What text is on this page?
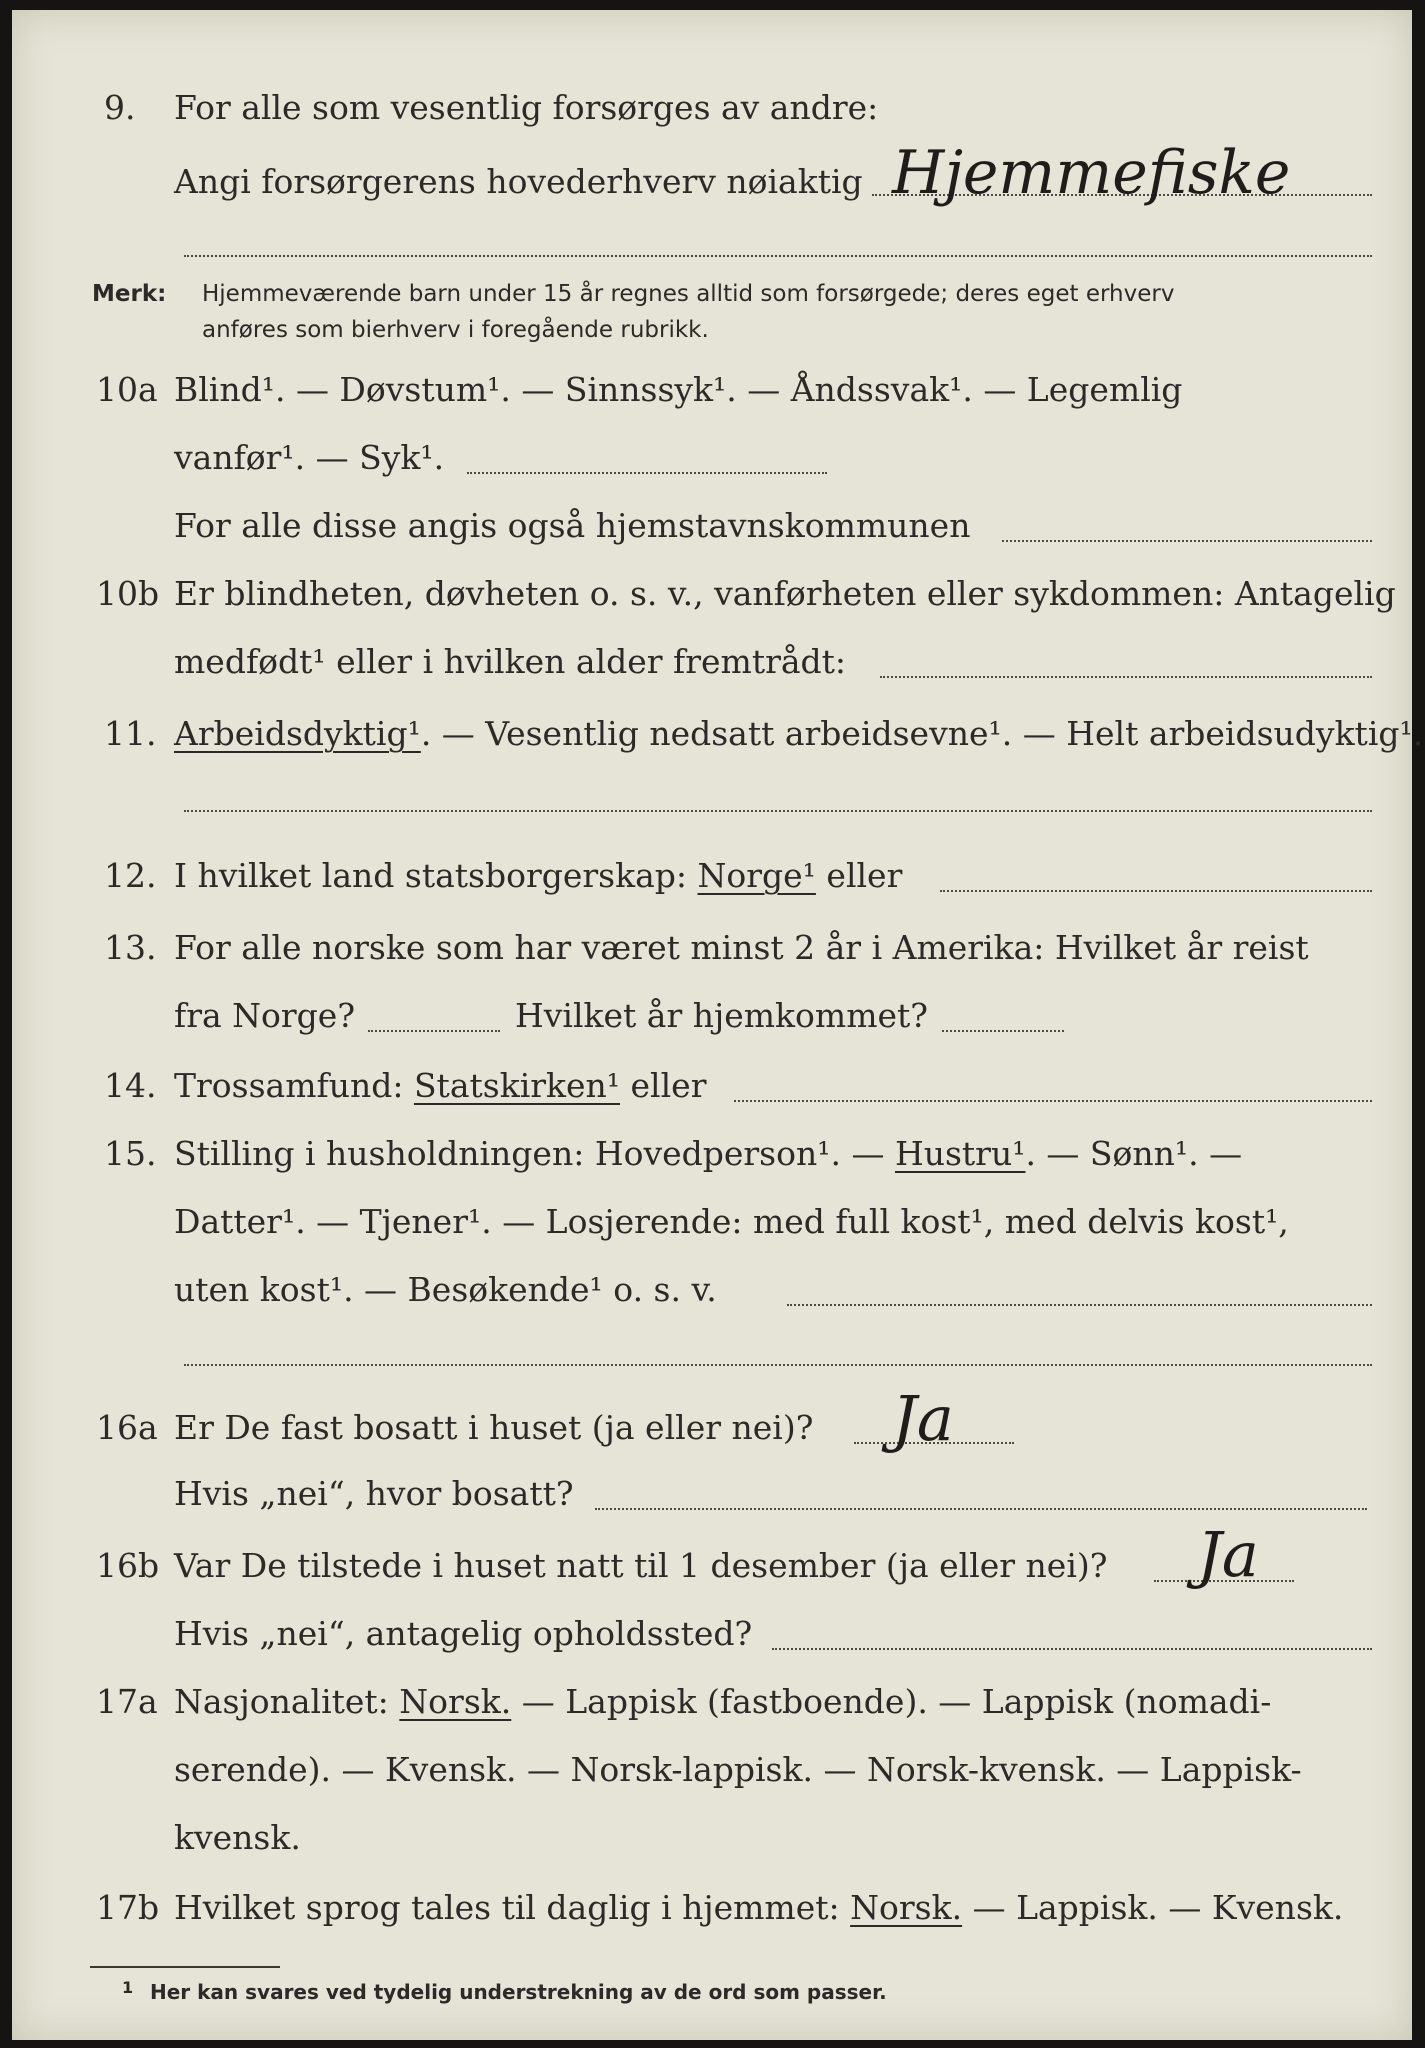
9. For alle som vesentlig forsørges av andre:
Angi forsørgerens hovederhverv nøiaktig Hjemmefiske
Merk: Hjemmeværende barn under 15 år regnes alltid som forsørgede; deres eget erhverv
anføres som bierhverv i foregående rubrikk.
10a Blind¹. — Døvstum¹. — Sinnssyk¹. — Åndssvak¹. — Legemlig
vanfør¹. — Syk¹.
For alle disse angis også hjemstavnskommunen
10b Er blindheten, døvheten o. s. v., vanførheten eller sykdommen: Antagelig
medfødt¹ eller i hvilken alder fremtrådt:
11. Arbeidsdyktig¹. — Vesentlig nedsatt arbeidsevne¹. — Helt arbeidsudyktig¹.
12. I hvilket land statsborgerskap: Norge¹ eller
13. For alle norske som har været minst 2 år i Amerika: Hvilket år reist
fra Norge?	Hvilket år hjemkommet?
14. Trossamfund: Statskirken¹ eller
15. Stilling i husholdningen: Hovedperson¹. — Hustru¹. — Sønn¹. —
Datter¹. — Tjener¹. — Losjerende: med full kost¹, med delvis kost¹,
uten kost¹. — Besøkende¹ o. s. v.
16a Er De fast bosatt i huset (ja eller nei)? Ja
Hvis „nei“, hvor bosatt?
16b Var De tilstede i huset natt til 1 desember (ja eller nei)? Ja
Hvis „nei“, antagelig opholdssted?
17a Nasjonalitet: Norsk. — Lappisk (fastboende). — Lappisk (nomadi-
serende). — Kvensk. — Norsk-lappisk. — Norsk-kvensk. — Lappisk-
kvensk.
17b Hvilket sprog tales til daglig i hjemmet: Norsk. — Lappisk. — Kvensk.
1 Her kan svares ved tydelig understrekning av de ord som passer.
